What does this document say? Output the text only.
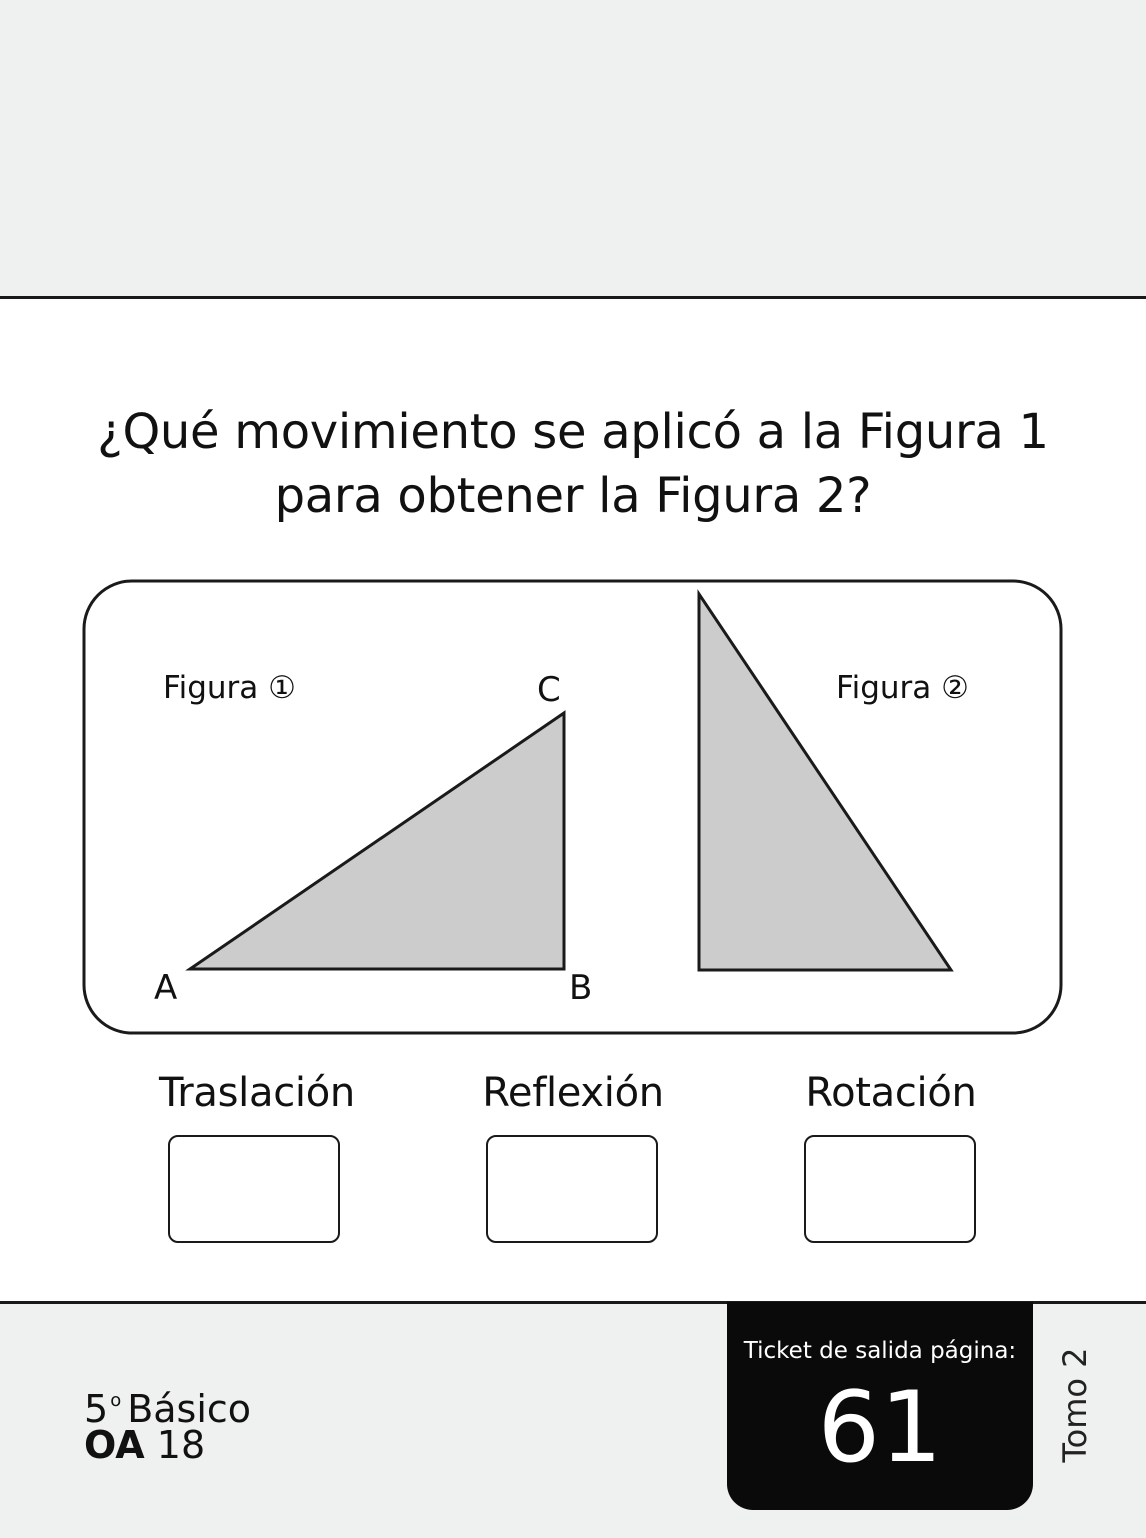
¿Qué movimiento se aplicó a la Figura 1
para obtener la Figura 2?
Figura ①	Figura ②
C
A	B
Traslación	Reflexión	Rotación
5 $^o$ Básico
OA 18
Ticket de salida página:
61	Tomo 2
